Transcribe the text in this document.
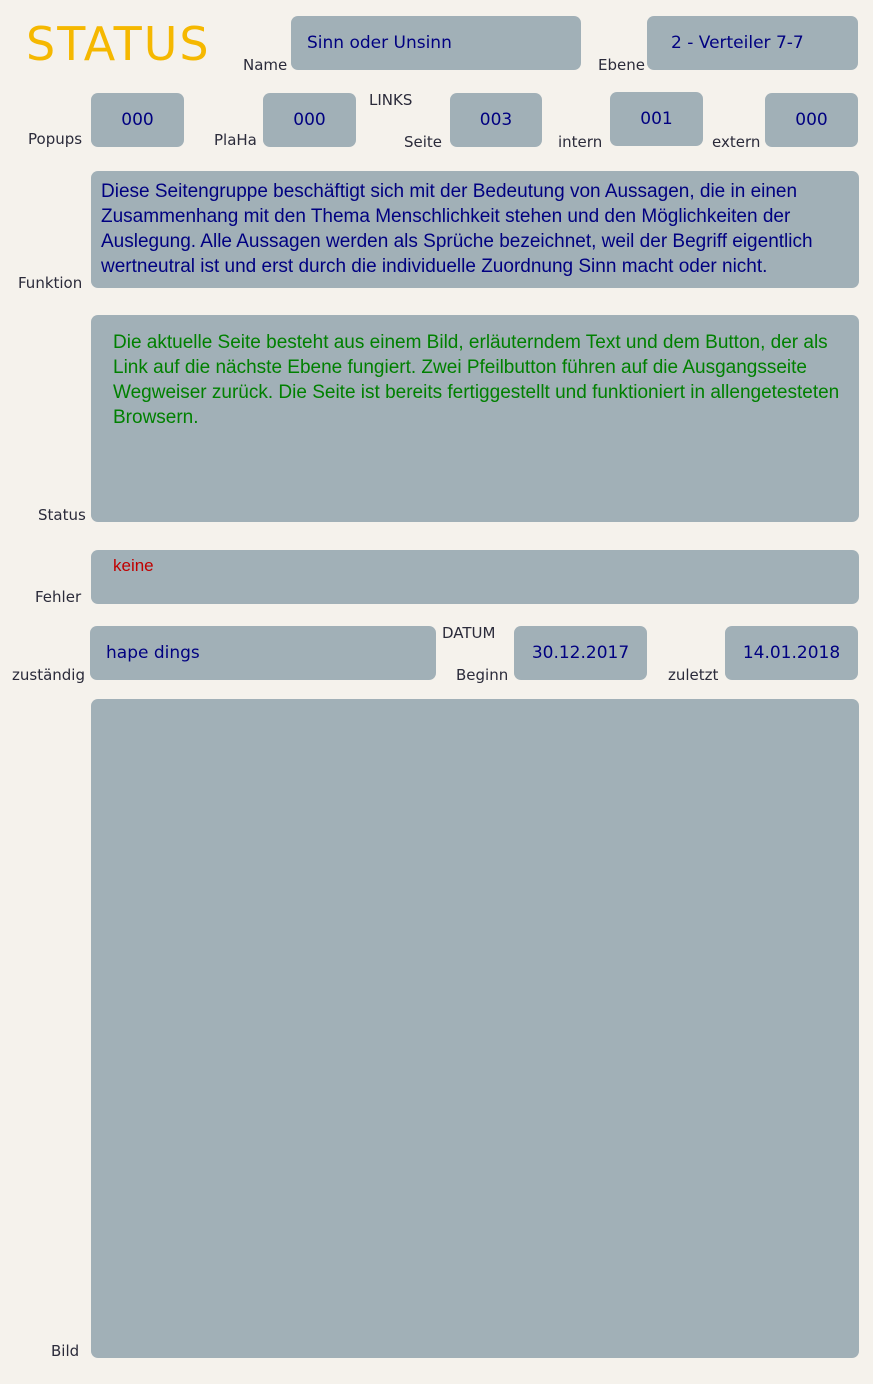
STATUS Name
Sinn oder Unsinn
Ebene
2 - Verteiler 7-7
LINKS
Popups
000
PlaHa
000
Seite
003
intern
001
extern
000
Funktion
Diese Seitengruppe beschäftigt sich mit der Bedeutung von Aussagen, die in einen Zusammenhang mit den Thema Menschlichkeit stehen und den Möglichkeiten der Auslegung. Alle Aussagen werden als Sprüche bezeichnet, weil der Begriff eigentlich wertneutral ist und erst durch die individuelle Zuordnung Sinn macht oder nicht.
Status
Die aktuelle Seite besteht aus einem Bild, erläuterndem Text und dem Button, der als Link auf die nächste Ebene fungiert. Zwei Pfeilbutton führen auf die Ausgangsseite Wegweiser zurück. Die Seite ist bereits fertiggestellt und funktioniert in allengetesteten Browsern.
Fehler
keine
zuständig
hape dings
DATUM
Beginn
30.12.2017
zuletzt
14.01.2018
Bild
